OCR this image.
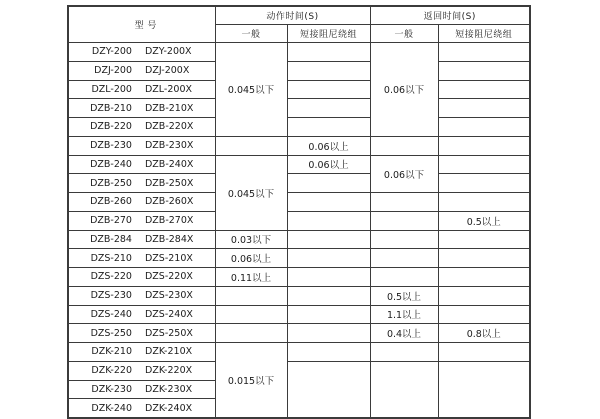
型 号	动作时间(S)		返回时间(S)	
	一般	短接阻尼绕组	一般	短接阻尼绕组
DZY-200 DZY-200X	0.045以下		0.06以下	
DZJ-200 DZJ-200X				
DZL-200 DZL-200X				
DZB-210 DZB-210X				
DZB-220 DZB-220X				
DZB-230 DZB-230X		0.06以上		
DZB-240 DZB-240X	0.045以下	0.06以上	0.06以下	
DZB-250 DZB-250X				
DZB-260 DZB-260X				
DZB-270 DZB-270X				0.5以上
DZB-284 DZB-284X	0.03以下			
DZS-210 DZS-210X	0.06以上			
DZS-220 DZS-220X	0.11以上			
DZS-230 DZS-230X			0.5以上	
DZS-240 DZS-240X			1.1以上	
DZS-250 DZS-250X			0.4以上	0.8以上
DZK-210 DZK-210X	0.015以下			
DZK-220 DZK-220X				
DZK-230 DZK-230X				
DZK-240 DZK-240X				
